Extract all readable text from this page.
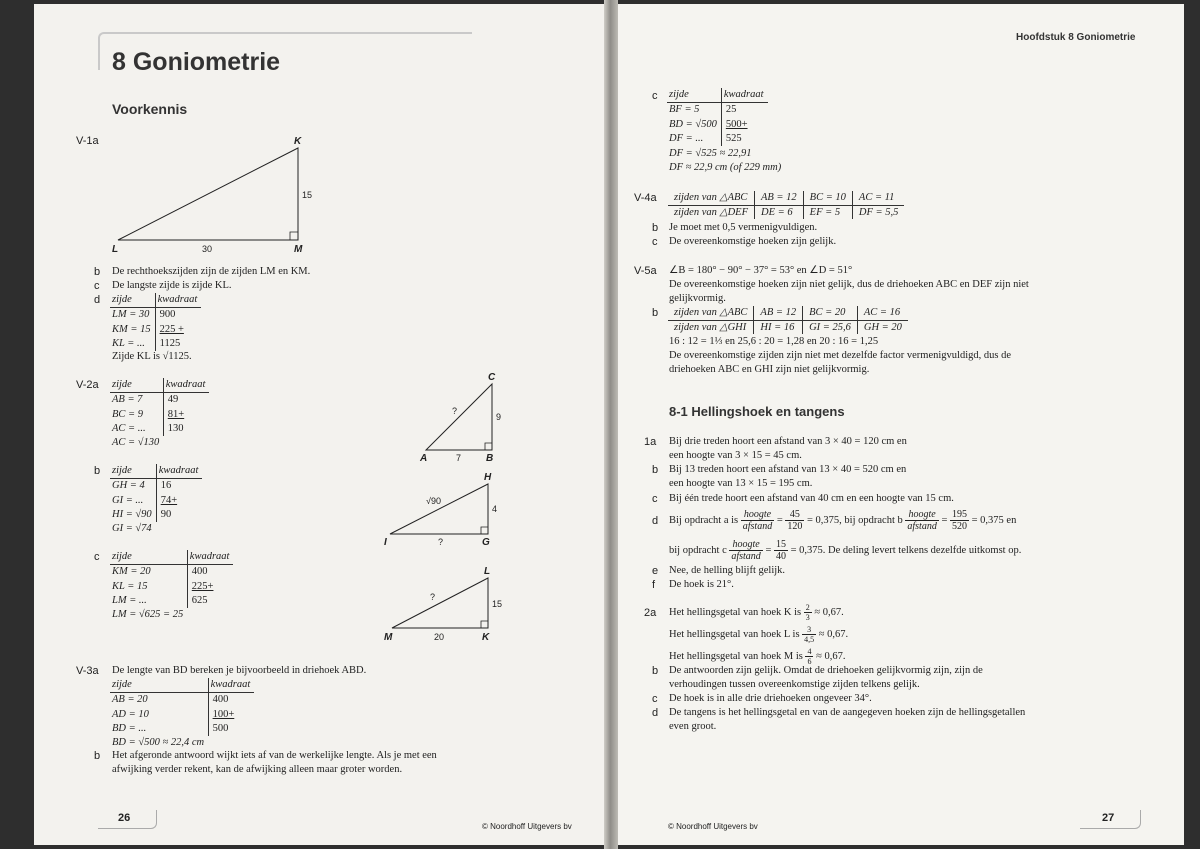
8 Goniometrie
Voorkennis
V-1a	K
L	M
15
30
b De rechthoekszijden zijn de zijden LM en KM.
c De langste zijde is zijde KL.
d zijde	kwadraat
LM = 30	900
KM = 15	225 +
KL = ...	1125
Zijde KL is √1125.
V-2a zijde	kwadraat
AB = 7	49
BC = 9	81+
AC = ...	130
AC = √130	
C
A	B
9
7
?
b zijde	kwadraat
GH = 4	16
GI = ...	74+
HI = √90	90
GI = √74	
H
I	G
4
?
√90
c zijde	kwadraat
KM = 20	400
KL = 15	225+
LM = ...	625
LM = √625 = 25	
L
M	K
15
20
?
V-3a De lengte van BD bereken je bijvoorbeeld in driehoek ABD.
zijde	kwadraat
AB = 20	400
AD = 10	100+
BD = ...	500
BD = √500 ≈ 22,4 cm	
b Het afgeronde antwoord wijkt iets af van de werkelijke lengte. Als je met een
afwijking verder rekent, kan de afwijking alleen maar groter worden.
26
© Noordhoff Uitgevers bv
Hoofdstuk 8 Goniometrie
c zijde	kwadraat
BF = 5	25
BD = √500	500+
DF = ...	525
DF = √525 ≈ 22,91
DF ≈ 22,9 cm (of 229 mm)
V-4a zijden van △ABC	AB = 12	BC = 10	AC = 11
zijden van △DEF	DE = 6	EF = 5	DF = 5,5
b Je moet met 0,5 vermenigvuldigen.
c De overeenkomstige hoeken zijn gelijk.
V-5a ∠B = 180° − 90° − 37° = 53° en ∠D = 51°
De overeenkomstige hoeken zijn niet gelijk, dus de driehoeken ABC en DEF zijn niet
gelijkvormig.
b zijden van △ABC	AB = 12	BC = 20	AC = 16
zijden van △GHI	HI = 16	GI = 25,6	GH = 20
16 : 12 = 1⅓ en 25,6 : 20 = 1,28 en 20 : 16 = 1,25
De overeenkomstige zijden zijn niet met dezelfde factor vermenigvuldigd, dus de
driehoeken ABC en GHI zijn niet gelijkvormig.
8-1 Hellingshoek en tangens
1a Bij drie treden hoort een afstand van 3 × 40 = 120 cm en
een hoogte van 3 × 15 = 45 cm.
b Bij 13 treden hoort een afstand van 13 × 40 = 520 cm en
een hoogte van 13 × 15 = 195 cm.
c Bij één trede hoort een afstand van 40 cm en een hoogte van 15 cm.
d Bij opdracht a is $\frac{\text{hoogte}}{\text{afstand}} = \frac{45}{120} = 0,375$, bij opdracht b $\frac{\text{hoogte}}{\text{afstand}} = \frac{195}{520} = 0,375$ en
bij opdracht c $\frac{\text{hoogte}}{\text{afstand}} = \frac{15}{40} = 0,375$. De deling levert telkens dezelfde uitkomst op.
e Nee, de helling blijft gelijk.
f De hoek is 21°.
2a Het hellingsgetal van hoek K is $\frac{2}{3} \approx 0,67$.
Het hellingsgetal van hoek L is $\frac{3}{4,5} \approx 0,67$.
Het hellingsgetal van hoek M is $\frac{4}{6} \approx 0,67$.
b De antwoorden zijn gelijk. Omdat de driehoeken gelijkvormig zijn, zijn de
verhoudingen tussen overeenkomstige zijden telkens gelijk.
c De hoek is in alle drie driehoeken ongeveer 34°.
d De tangens is het hellingsgetal en van de aangegeven hoeken zijn de hellingsgetallen
even groot.
© Noordhoff Uitgevers bv
27
